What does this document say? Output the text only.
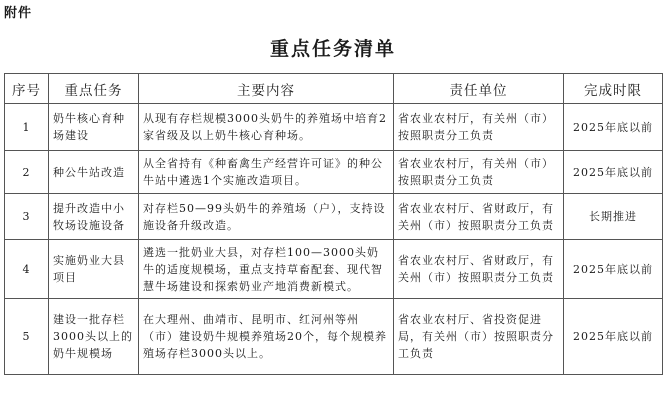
附件
重点任务清单
序号	重点任务	主要内容	责任单位	完成时限
1	奶牛核心育种场建设	从现有存栏规模3000头奶牛的养殖场中培育2家省级及以上奶牛核心育种场。	省农业农村厅，有关州（市）按照职责分工负责	2025年底以前
2	种公牛站改造	从全省持有《种畜禽生产经营许可证》的种公牛站中遴选1个实施改造项目。	省农业农村厅，有关州（市）按照职责分工负责	2025年底以前
3	提升改造中小牧场设施设备	对存栏50—99头奶牛的养殖场（户），支持设施设备升级改造。	省农业农村厅、省财政厅，有关州（市）按照职责分工负责	长期推进
4	实施奶业大县项目	遴选一批奶业大县，对存栏100—3000头奶牛的适度规模场，重点支持草畜配套、现代智慧牛场建设和探索奶业产地消费新模式。	省农业农村厅、省财政厅，有关州（市）按照职责分工负责	2025年底以前
5	建设一批存栏3000头以上的奶牛规模场	在大理州、曲靖市、昆明市、红河州等州（市）建设奶牛规模养殖场20个，每个规模养殖场存栏3000头以上。	省农业农村厅、省投资促进局，有关州（市）按照职责分工负责	2025年底以前
